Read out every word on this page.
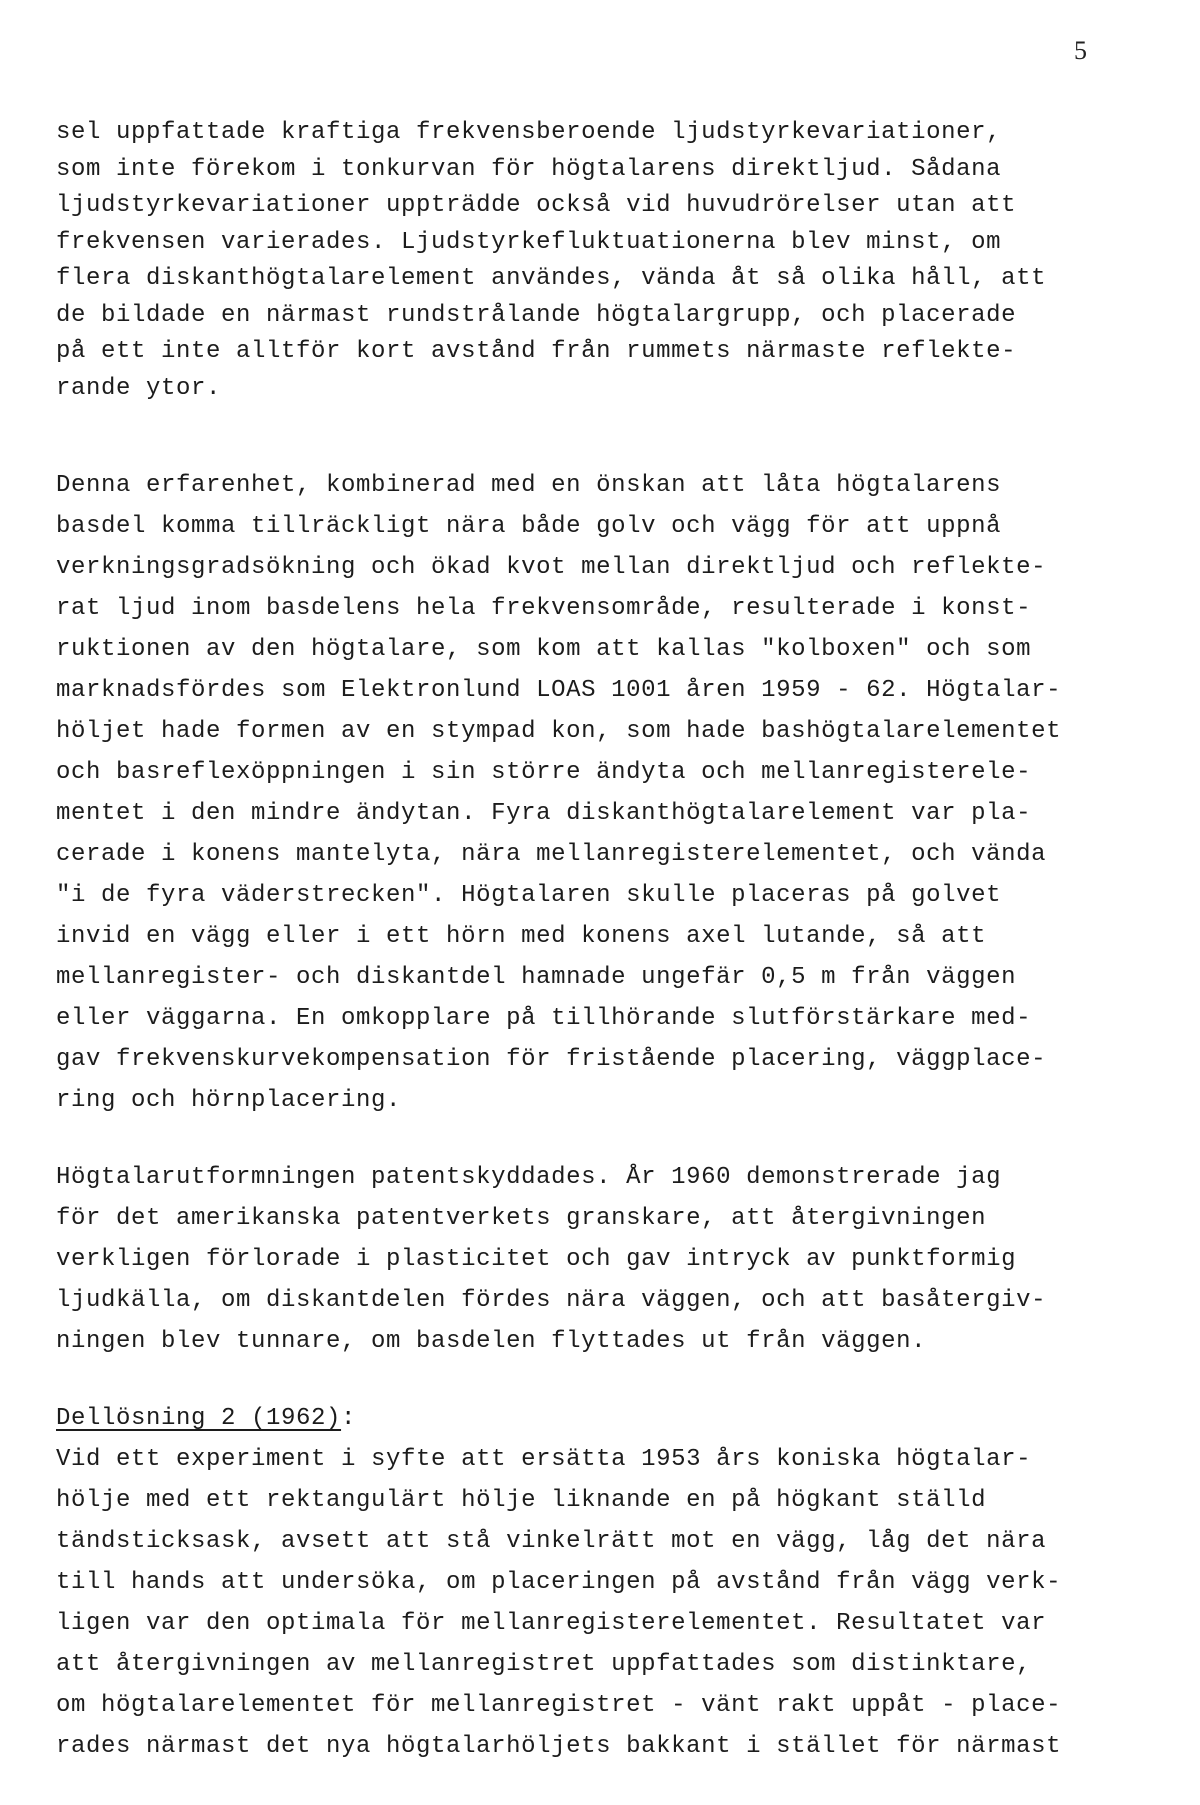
5
sel uppfattade kraftiga frekvensberoende ljudstyrkevariationer,
som inte förekom i tonkurvan för högtalarens direktljud. Sådana
ljudstyrkevariationer uppträdde också vid huvudrörelser utan att
frekvensen varierades. Ljudstyrkefluktuationerna blev minst, om
flera diskanthögtalarelement användes, vända åt så olika håll, att
de bildade en närmast rundstrålande högtalargrupp, och placerade
på ett inte alltför kort avstånd från rummets närmaste reflekte-
rande ytor.
Denna erfarenhet, kombinerad med en önskan att låta högtalarens
basdel komma tillräckligt nära både golv och vägg för att uppnå
verkningsgradsökning och ökad kvot mellan direktljud och reflekte-
rat ljud inom basdelens hela frekvensområde, resulterade i konst-
ruktionen av den högtalare, som kom att kallas "kolboxen" och som
marknadsfördes som Elektronlund LOAS 1001 åren 1959 - 62. Högtalar-
höljet hade formen av en stympad kon, som hade bashögtalarelementet
och basreflexöppningen i sin större ändyta och mellanregisterele-
mentet i den mindre ändytan. Fyra diskanthögtalarelement var pla-
cerade i konens mantelyta, nära mellanregisterelementet, och vända
"i de fyra väderstrecken". Högtalaren skulle placeras på golvet
invid en vägg eller i ett hörn med konens axel lutande, så att
mellanregister- och diskantdel hamnade ungefär 0,5 m från väggen
eller väggarna. En omkopplare på tillhörande slutförstärkare med-
gav frekvenskurvekompensation för fristående placering, väggplace-
ring och hörnplacering.
Högtalarutformningen patentskyddades. År 1960 demonstrerade jag
för det amerikanska patentverkets granskare, att återgivningen
verkligen förlorade i plasticitet och gav intryck av punktformig
ljudkälla, om diskantdelen fördes nära väggen, och att basåtergiv-
ningen blev tunnare, om basdelen flyttades ut från väggen.
Dellösning 2 (1962):
Vid ett experiment i syfte att ersätta 1953 års koniska högtalar-
hölje med ett rektangulärt hölje liknande en på högkant ställd
tändsticksask, avsett att stå vinkelrätt mot en vägg, låg det nära
till hands att undersöka, om placeringen på avstånd från vägg verk-
ligen var den optimala för mellanregisterelementet. Resultatet var
att återgivningen av mellanregistret uppfattades som distinktare,
om högtalarelementet för mellanregistret - vänt rakt uppåt - place-
rades närmast det nya högtalarhöljets bakkant i stället för närmast
